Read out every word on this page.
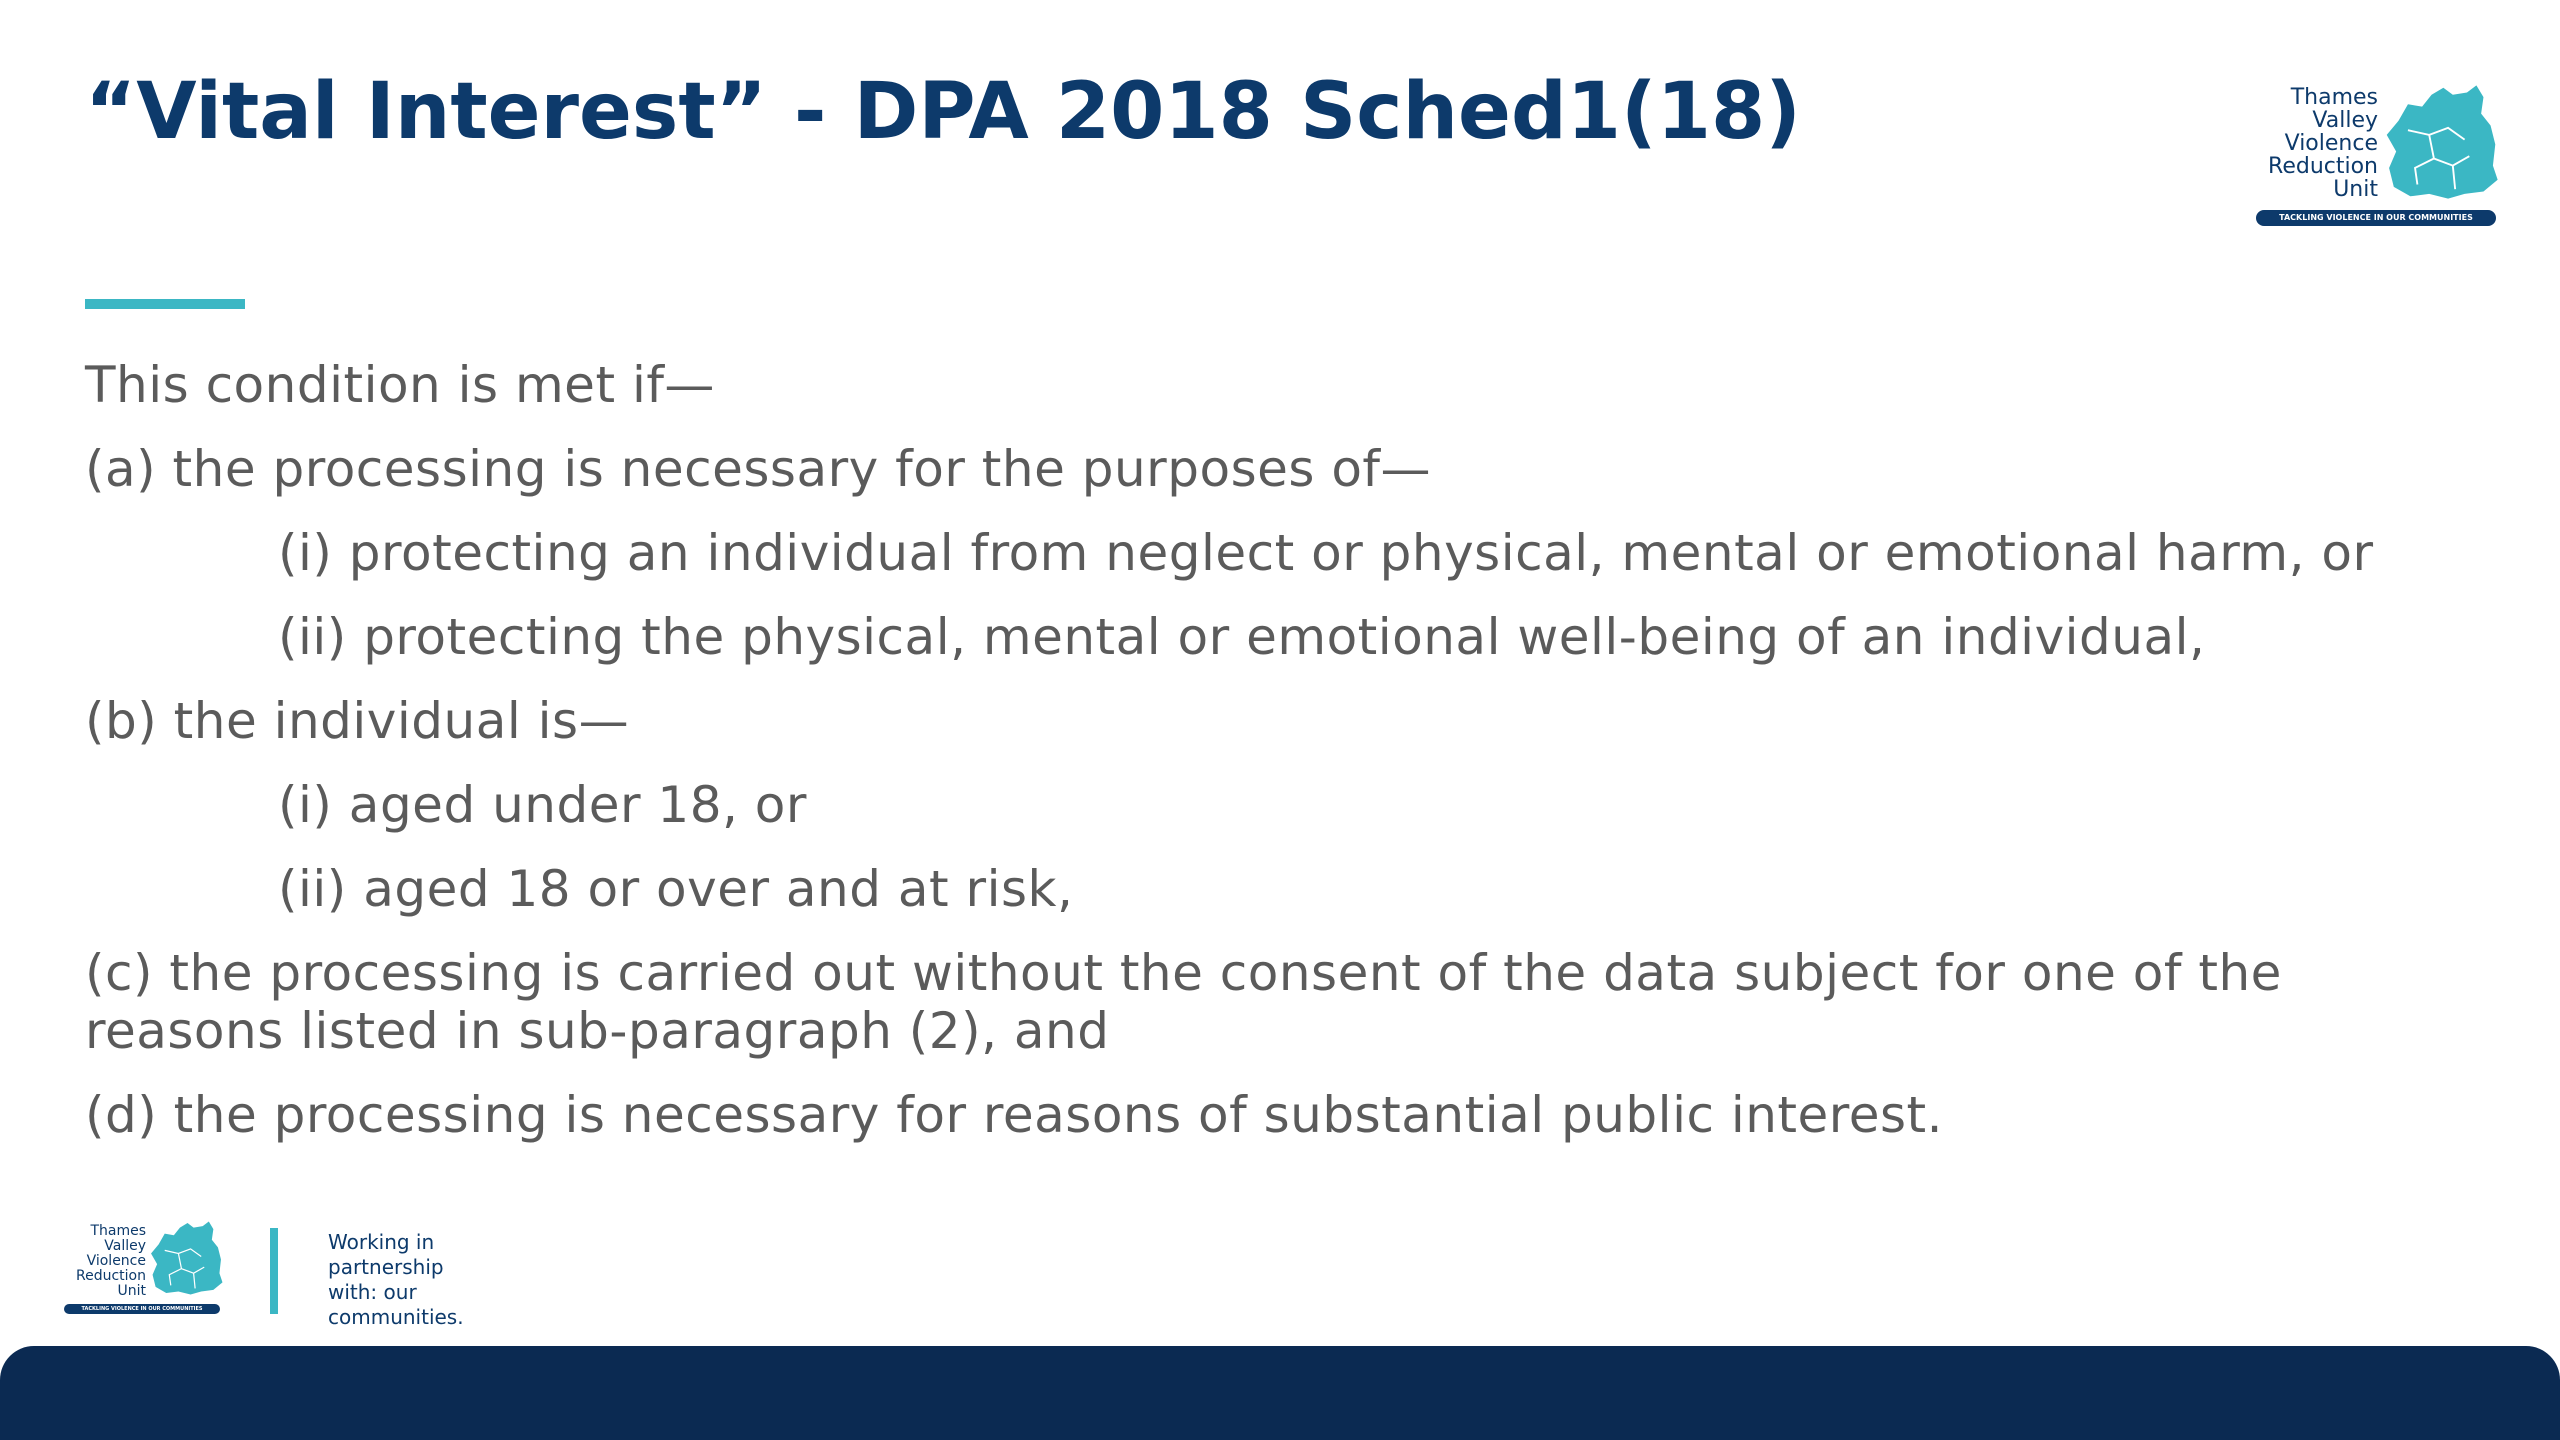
“Vital Interest” - DPA 2018 Sched1(18)	Thames
Valley
Violence
Reduction
Unit
TACKLING VIOLENCE IN OUR COMMUNITIES

This condition is met if—

(a) the processing is necessary for the purposes of—

(i) protecting an individual from neglect or physical, mental or emotional harm, or

(ii) protecting the physical, mental or emotional well-being of an individual,

(b) the individual is—

(i) aged under 18, or

(ii) aged 18 or over and at risk,

(c) the processing is carried out without the consent of the data subject for one of the reasons listed in sub-paragraph (2), and

(d) the processing is necessary for reasons of substantial public interest.

Thames
Valley
Violence
Reduction
Unit
TACKLING VIOLENCE IN OUR COMMUNITIES
Working in
partnership
with: our
communities.
